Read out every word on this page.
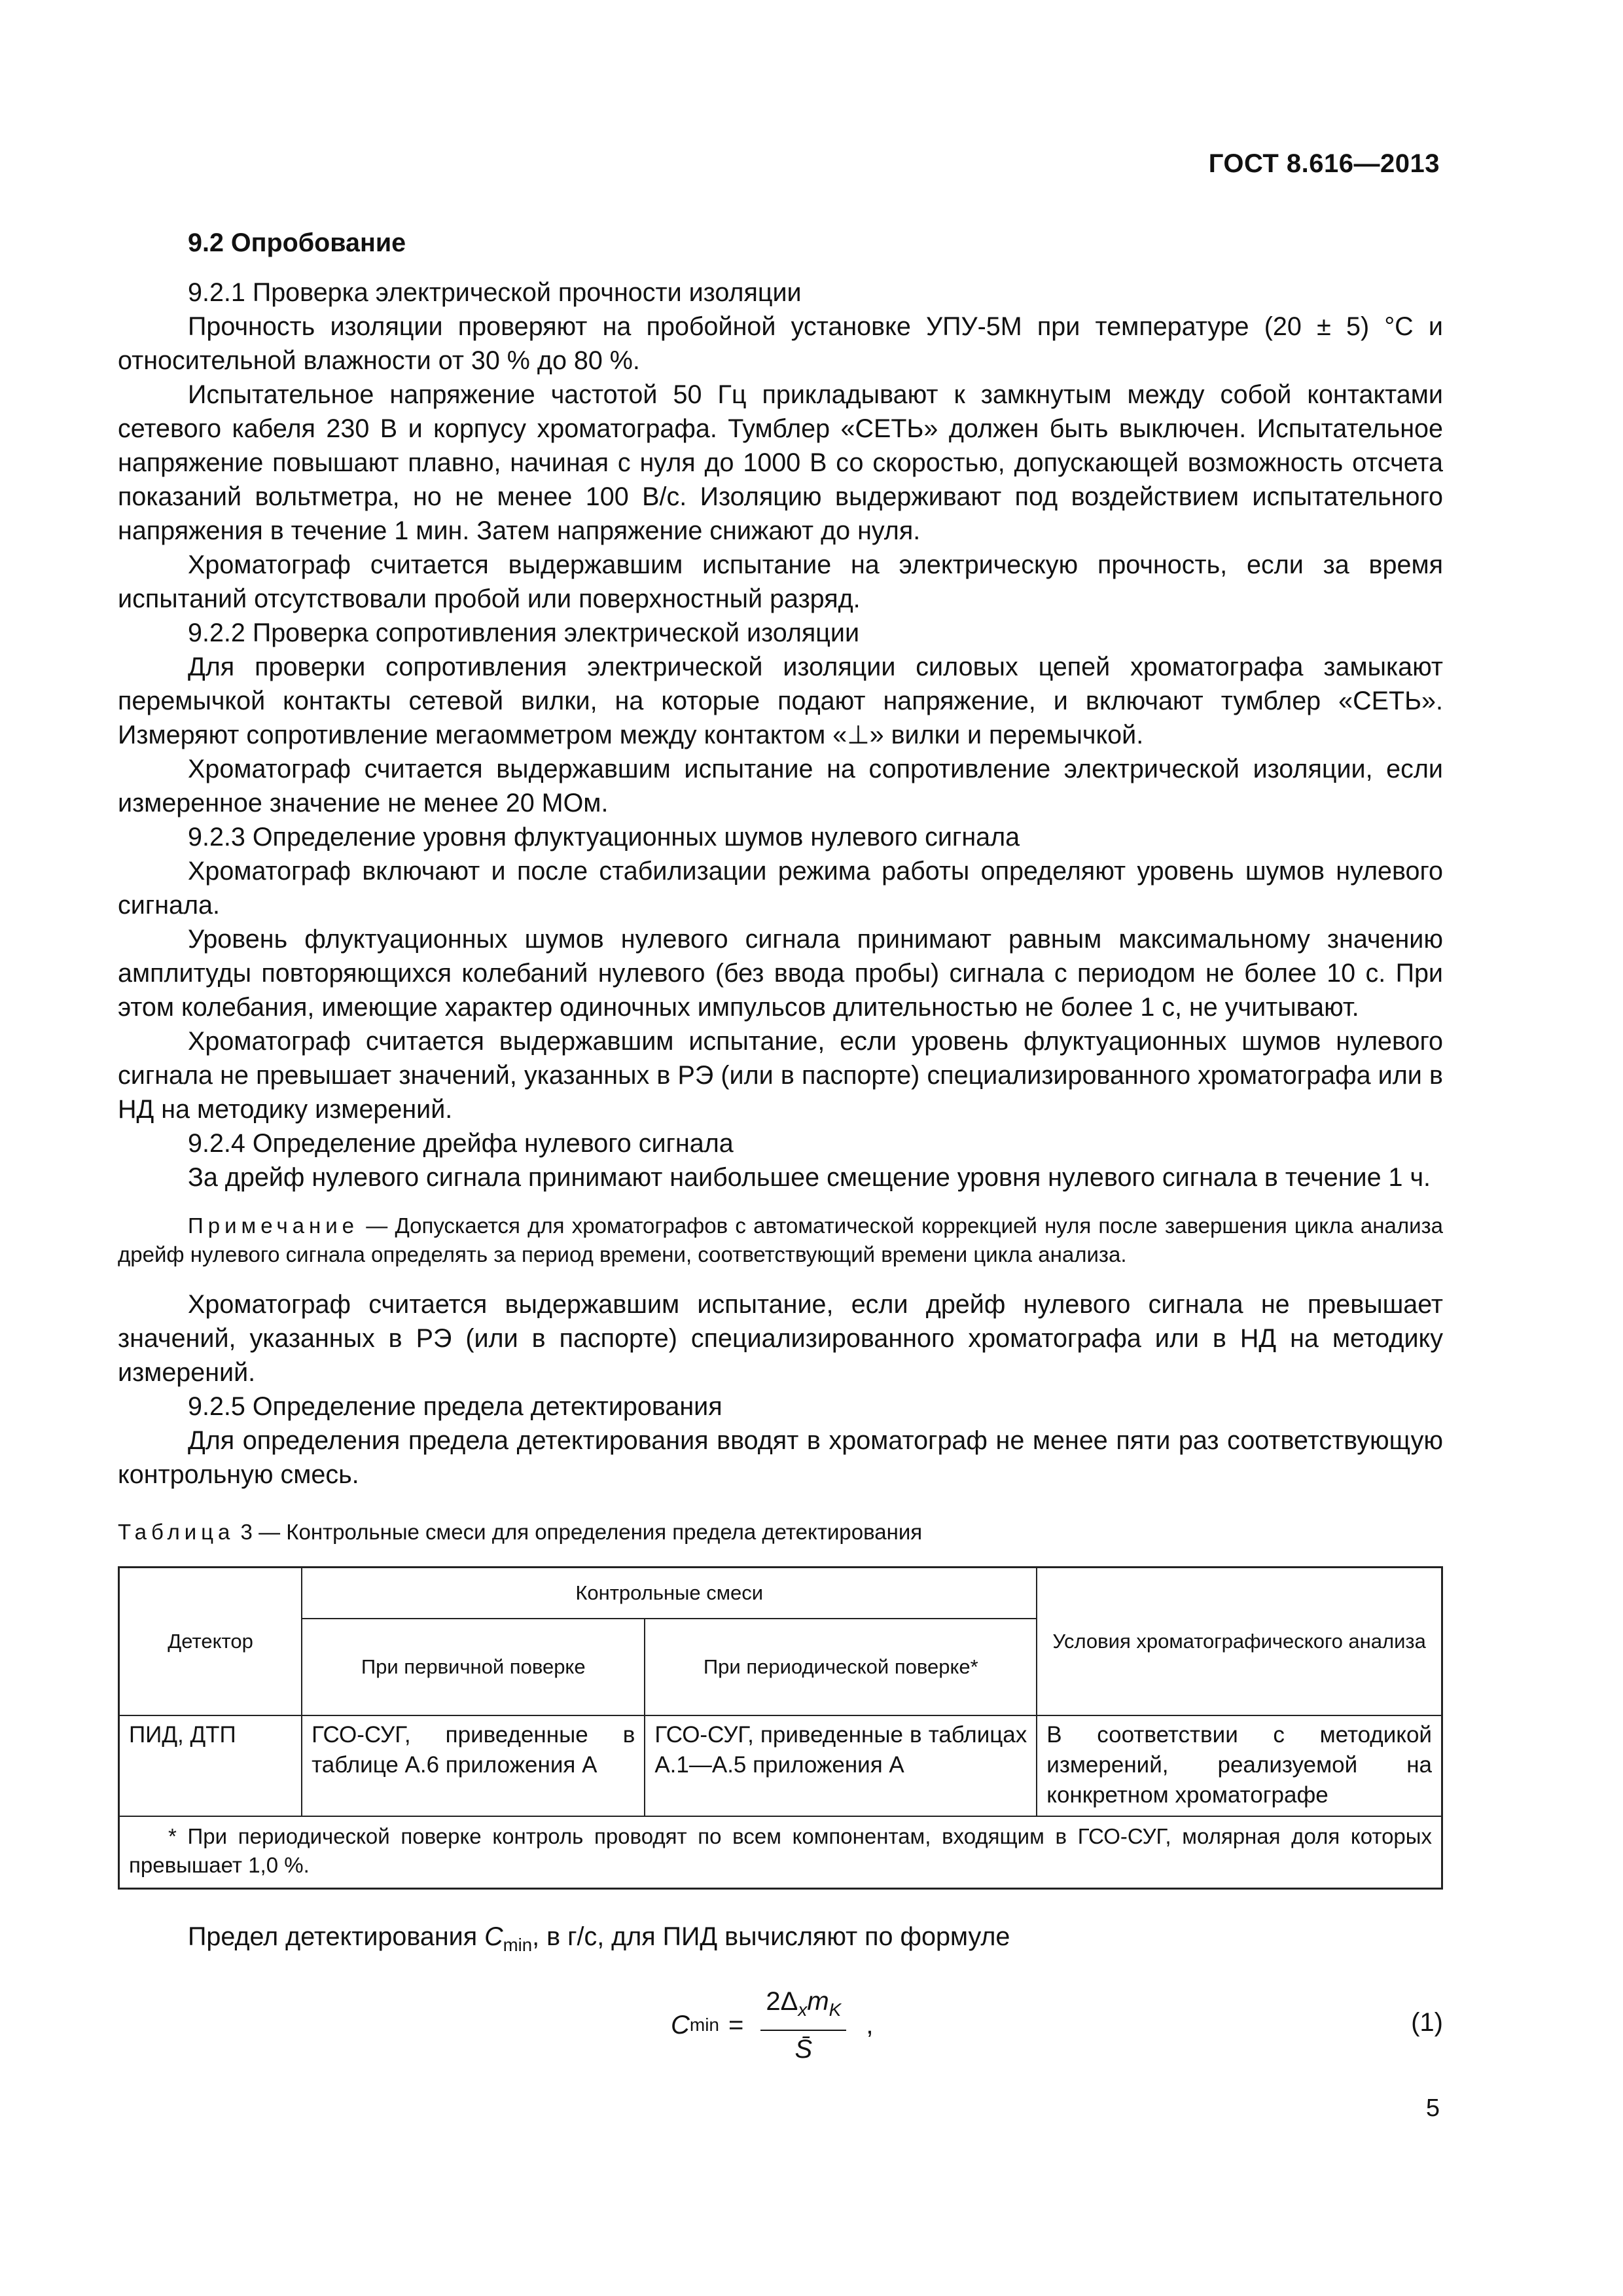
ГОСТ 8.616—2013

9.2 Опробование

9.2.1 Проверка электрической прочности изоляции

Прочность изоляции проверяют на пробойной установке УПУ-5М при температуре (20 ± 5) °С и относительной влажности от 30 % до 80 %.

Испытательное напряжение частотой 50 Гц прикладывают к замкнутым между собой контактами сетевого кабеля 230 В и корпусу хроматографа. Тумблер «СЕТЬ» должен быть выключен. Испытательное напряжение повышают плавно, начиная с нуля до 1000 В со скоростью, допускающей возможность отсчета показаний вольтметра, но не менее 100 В/с. Изоляцию выдерживают под воздействием испытательного напряжения в течение 1 мин. Затем напряжение снижают до нуля.

Хроматограф считается выдержавшим испытание на электрическую прочность, если за время испытаний отсутствовали пробой или поверхностный разряд.

9.2.2 Проверка сопротивления электрической изоляции

Для проверки сопротивления электрической изоляции силовых цепей хроматографа замыкают перемычкой контакты сетевой вилки, на которые подают напряжение, и включают тумблер «СЕТЬ». Измеряют сопротивление мегаомметром между контактом «⊥» вилки и перемычкой.

Хроматограф считается выдержавшим испытание на сопротивление электрической изоляции, если измеренное значение не менее 20 МОм.

9.2.3 Определение уровня флуктуационных шумов нулевого сигнала

Хроматограф включают и после стабилизации режима работы определяют уровень шумов нулевого сигнала.

Уровень флуктуационных шумов нулевого сигнала принимают равным максимальному значению амплитуды повторяющихся колебаний нулевого (без ввода пробы) сигнала с периодом не более 10 с. При этом колебания, имеющие характер одиночных импульсов длительностью не более 1 с, не учитывают.

Хроматограф считается выдержавшим испытание, если уровень флуктуационных шумов нулевого сигнала не превышает значений, указанных в РЭ (или в паспорте) специализированного хроматографа или в НД на методику измерений.

9.2.4 Определение дрейфа нулевого сигнала

За дрейф нулевого сигнала принимают наибольшее смещение уровня нулевого сигнала в течение 1 ч.

Примечание — Допускается для хроматографов с автоматической коррекцией нуля после завершения цикла анализа дрейф нулевого сигнала определять за период времени, соответствующий времени цикла анализа.

Хроматограф считается выдержавшим испытание, если дрейф нулевого сигнала не превышает значений, указанных в РЭ (или в паспорте) специализированного хроматографа или в НД на методику измерений.

9.2.5 Определение предела детектирования

Для определения предела детектирования вводят в хроматограф не менее пяти раз соответствующую контрольную смесь.

Таблица 3 — Контрольные смеси для определения предела детектирования

Детектор	Контрольные смеси		Условия хроматографического анализа
	При первичной поверке	При периодической поверке*	
ПИД, ДТП	ГСО-СУГ, приведенные в таблице А.6 приложения А	ГСО-СУГ, приведенные в таблицах А.1—А.5 приложения А	В соответствии с методикой измерений, реализуемой на конкретном хроматографе
* При периодической поверке контроль проводят по всем компонентам, входящим в ГСО-СУГ, молярная доля которых превышает 1,0 %.			

Предел детектирования $C_{min}$, в г/с, для ПИД вычисляют по формуле

C $\min = \frac{2\Delta_xm_K}{S̄}$ ,	(1)
5
